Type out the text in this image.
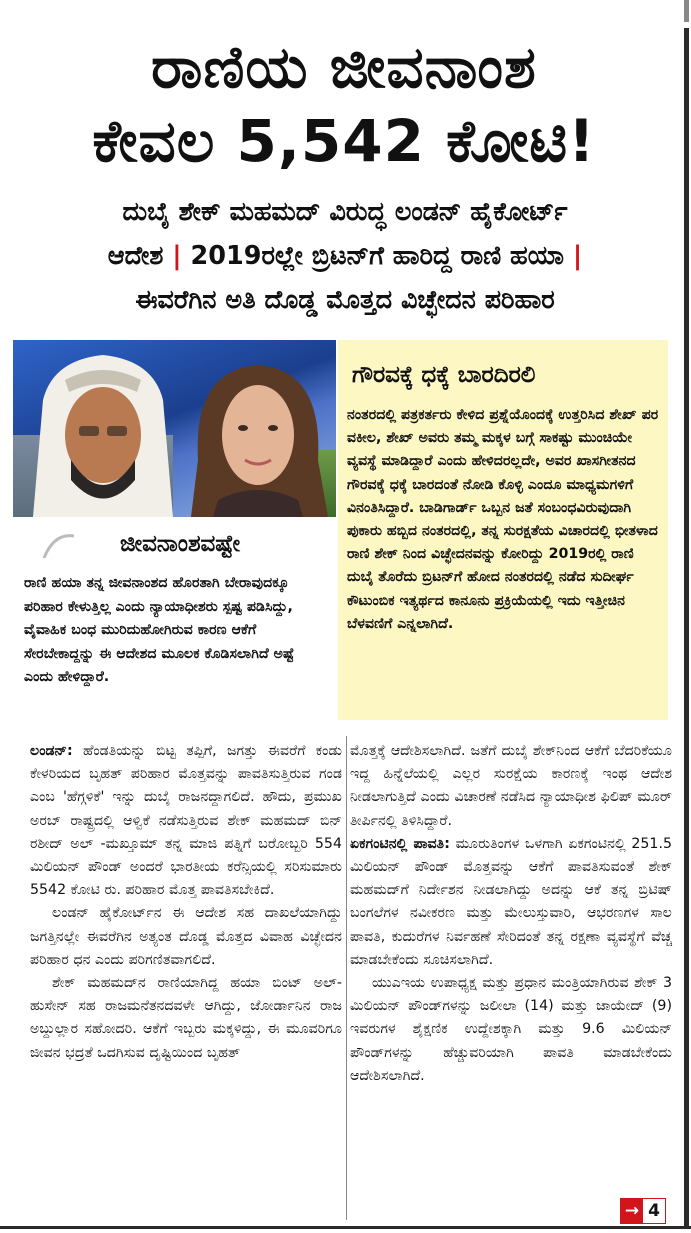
ರಾಣಿಯ ಜೀವನಾಂಶ
ಕೇವಲ 5,542 ಕೋಟಿ!
ದುಬೈ ಶೇಕ್ ಮಹಮದ್ ವಿರುದ್ಧ ಲಂಡನ್ ಹೈಕೋರ್ಟ್
ಆದೇಶ | 2019ರಲ್ಲೇ ಬ್ರಿಟನ್‌ಗೆ ಹಾರಿದ್ದ ರಾಣಿ ಹಯಾ |
ಈವರೆಗಿನ ಅತಿ ದೊಡ್ಡ ಮೊತ್ತದ ವಿಚ್ಛೇದನ ಪರಿಹಾರ
ಜೀವನಾಂಶವಷ್ಟೇ
ರಾಣಿ ಹಯಾ ತನ್ನ ಜೀವನಾಂಶದ ಹೊರತಾಗಿ ಬೇರಾವುದಕ್ಕೂ ಪರಿಹಾರ ಕೇಳುತ್ತಿಲ್ಲ ಎಂದು ನ್ಯಾಯಾಧೀಶರು ಸ್ಪಷ್ಟ ಪಡಿಸಿದ್ದು, ವೈವಾಹಿಕ ಬಂಧ ಮುರಿದುಹೋಗಿರುವ ಕಾರಣ ಆಕೆಗೆ ಸೇರಬೇಕಾದ್ದನ್ನು ಈ ಆದೇಶದ ಮೂಲಕ ಕೊಡಿಸಲಾಗಿದೆ ಅಷ್ಟೆ ಎಂದು ಹೇಳಿದ್ದಾರೆ.
ಗೌರವಕ್ಕೆ ಧಕ್ಕೆ ಬಾರದಿರಲಿ
ನಂತರದಲ್ಲಿ ಪತ್ರಕರ್ತರು ಕೇಳಿದ ಪ್ರಶ್ನೆಯೊಂದಕ್ಕೆ ಉತ್ತರಿಸಿದ ಶೇಖ್ ಪರ ವಕೀಲ, ಶೇಖ್ ಅವರು ತಮ್ಮ ಮಕ್ಕಳ ಬಗ್ಗೆ ಸಾಕಷ್ಟು ಮುಂಚಿಯೇ ವ್ಯವಸ್ಥೆ ಮಾಡಿದ್ದಾರೆ ಎಂದು ಹೇಳಿದರಲ್ಲದೇ, ಅವರ ಖಾಸಗೀತನದ ಗೌರವಕ್ಕೆ ಧಕ್ಕೆ ಬಾರದಂತೆ ನೋಡಿ ಕೊಳ್ಳಿ ಎಂದೂ ಮಾಧ್ಯಮಗಳಿಗೆ ವಿನಂತಿಸಿದ್ದಾರೆ. ಬಾಡಿಗಾರ್ಡ್ ಒಬ್ಬನ ಜತೆ ಸಂಬಂಧವಿರುವುದಾಗಿ ಪುಕಾರು ಹಬ್ಬಿದ ನಂತರದಲ್ಲಿ, ತನ್ನ ಸುರಕ್ಷತೆಯ ವಿಚಾರದಲ್ಲಿ ಭೀತಳಾದ ರಾಣಿ ಶೇಕ್ ನಿಂದ ವಿಚ್ಛೇದನವನ್ನು ಕೋರಿದ್ದು 2019ರಲ್ಲಿ ರಾಣಿ ದುಬೈ ತೊರೆದು ಬ್ರಿಟನ್‌ಗೆ ಹೋದ ನಂತರದಲ್ಲಿ ನಡೆದ ಸುದೀರ್ಘ ಕೌಟುಂಬಿಕ ಇತ್ಯರ್ಥದ ಕಾನೂನು ಪ್ರಕ್ರಿಯೆಯಲ್ಲಿ ಇದು ಇತ್ತೀಚಿನ ಬೆಳವಣಿಗೆ ಎನ್ನಲಾಗಿದೆ.

ಲಂಡನ್: ಹೆಂಡತಿಯನ್ನು ಬಿಟ್ಟ ತಪ್ಪಿಗೆ, ಜಗತ್ತು ಈವರೆಗೆ ಕಂಡು ಕೇಳರಿಯದ ಬೃಹತ್ ಪರಿಹಾರ ಮೊತ್ತವನ್ನು ಪಾವತಿಸುತ್ತಿರುವ ಗಂಡ ಎಂಬ 'ಹೆಗ್ಗಳಿಕೆ' ಇನ್ನು ದುಬೈ ರಾಜನದ್ದಾಗಲಿದೆ. ಹೌದು, ಪ್ರಮುಖ ಅರಬ್ ರಾಷ್ಟ್ರದಲ್ಲಿ ಆಳ್ವಿಕೆ ನಡೆಸುತ್ತಿರುವ ಶೇಕ್ ಮಹಮದ್ ಬಿನ್ ರಶೀದ್ ಅಲ್ -ಮಖ್ತೂಮ್ ತನ್ನ ಮಾಜಿ ಪತ್ನಿಗೆ ಬರೋಬ್ಬರಿ 554 ಮಿಲಿಯನ್ ಪೌಂಡ್ ಅಂದರೆ ಭಾರತೀಯ ಕರೆನ್ಸಿಯಲ್ಲಿ ಸರಿಸುಮಾರು 5542 ಕೋಟಿ ರು. ಪರಿಹಾರ ಮೊತ್ತ ಪಾವತಿಸಬೇಕಿದೆ.

ಲಂಡನ್ ಹೈಕೋರ್ಟ್‌ನ ಈ ಆದೇಶ ಸಹ ದಾಖಲೆಯಾಗಿದ್ದು ಜಗತ್ತಿನಲ್ಲೇ ಈವರೆಗಿನ ಅತ್ಯಂತ ದೊಡ್ಡ ಮೊತ್ತದ ವಿವಾಹ ವಿಚ್ಛೇದನ ಪರಿಹಾರ ಧನ ಎಂದು ಪರಿಗಣಿತವಾಗಲಿದೆ.

ಶೇಕ್ ಮಹಮದ್‌ನ ರಾಣಿಯಾಗಿದ್ದ ಹಯಾ ಬಿಂಟ್ ಅಲ್-ಹುಸೇನ್ ಸಹ ರಾಜಮನೆತನದವಳೇ ಆಗಿದ್ದು, ಜೋರ್ಡಾನಿನ ರಾಜ ಅಬ್ದುಲ್ಲಾರ ಸಹೋದರಿ. ಆಕೆಗೆ ಇಬ್ಬರು ಮಕ್ಕಳಿದ್ದು, ಈ ಮೂವರಿಗೂ ಜೀವನ ಭದ್ರತೆ ಒದಗಿಸುವ ದೃಷ್ಟಿಯಿಂದ ಬೃಹತ್

ಮೊತ್ತಕ್ಕೆ ಆದೇಶಿಸಲಾಗಿದೆ. ಜತೆಗೆ ದುಬೈ ಶೇಕ್‌ನಿಂದ ಆಕೆಗೆ ಬೆದರಿಕೆಯೂ ಇದ್ದ ಹಿನ್ನೆಲೆಯಲ್ಲಿ ಎಲ್ಲರ ಸುರಕ್ಷೆಯ ಕಾರಣಕ್ಕೆ ಇಂಥ ಆದೇಶ ನೀಡಲಾಗುತ್ತಿದೆ ಎಂದು ವಿಚಾರಣೆ ನಡೆಸಿದ ನ್ಯಾಯಾಧೀಶ ಫಿಲಿಪ್ ಮೂರ್ ತೀರ್ಪಿನಲ್ಲಿ ತಿಳಿಸಿದ್ದಾರೆ.

ಏಕಗಂಟಿನಲ್ಲಿ ಪಾವತಿ: ಮೂರುತಿಂಗಳ ಒಳಗಾಗಿ ಏಕಗಂಟಿನಲ್ಲಿ 251.5 ಮಿಲಿಯನ್ ಪೌಂಡ್ ಮೊತ್ತವನ್ನು ಆಕೆಗೆ ಪಾವತಿಸುವಂತೆ ಶೇಕ್ ಮಹಮದ್‌ಗೆ ನಿರ್ದೇಶನ ನೀಡಲಾಗಿದ್ದು ಅದನ್ನು ಆಕೆ ತನ್ನ ಬ್ರಿಟಿಷ್ ಬಂಗಲೆಗಳ ನವೀಕರಣ ಮತ್ತು ಮೇಲುಸ್ತುವಾರಿ, ಆಭರಣಗಳ ಸಾಲ ಪಾವತಿ, ಕುದುರೆಗಳ ನಿರ್ವಹಣೆ ಸೇರಿದಂತೆ ತನ್ನ ರಕ್ಷಣಾ ವ್ಯವಸ್ಥೆಗೆ ವೆಚ್ಚ ಮಾಡಬೇಕೆಂದು ಸೂಚಿಸಲಾಗಿದೆ.

ಯುಎಇಯ ಉಪಾಧ್ಯಕ್ಷ ಮತ್ತು ಪ್ರಧಾನ ಮಂತ್ರಿಯಾಗಿರುವ ಶೇಕ್ 3 ಮಿಲಿಯನ್ ಪೌಂಡ್‌ಗಳನ್ನು ಜಲೀಲಾ (14) ಮತ್ತು ಜಾಯೇದ್ (9) ಇವರುಗಳ ಶೈಕ್ಷಣಿಕ ಉದ್ದೇಶಕ್ಕಾಗಿ ಮತ್ತು 9.6 ಮಿಲಿಯನ್ ಪೌಂಡ್‌ಗಳನ್ನು ಹೆಚ್ಚುವರಿಯಾಗಿ ಪಾವತಿ ಮಾಡಬೇಕೆಂದು ಆದೇಶಿಸಲಾಗಿದೆ.

→ 4
